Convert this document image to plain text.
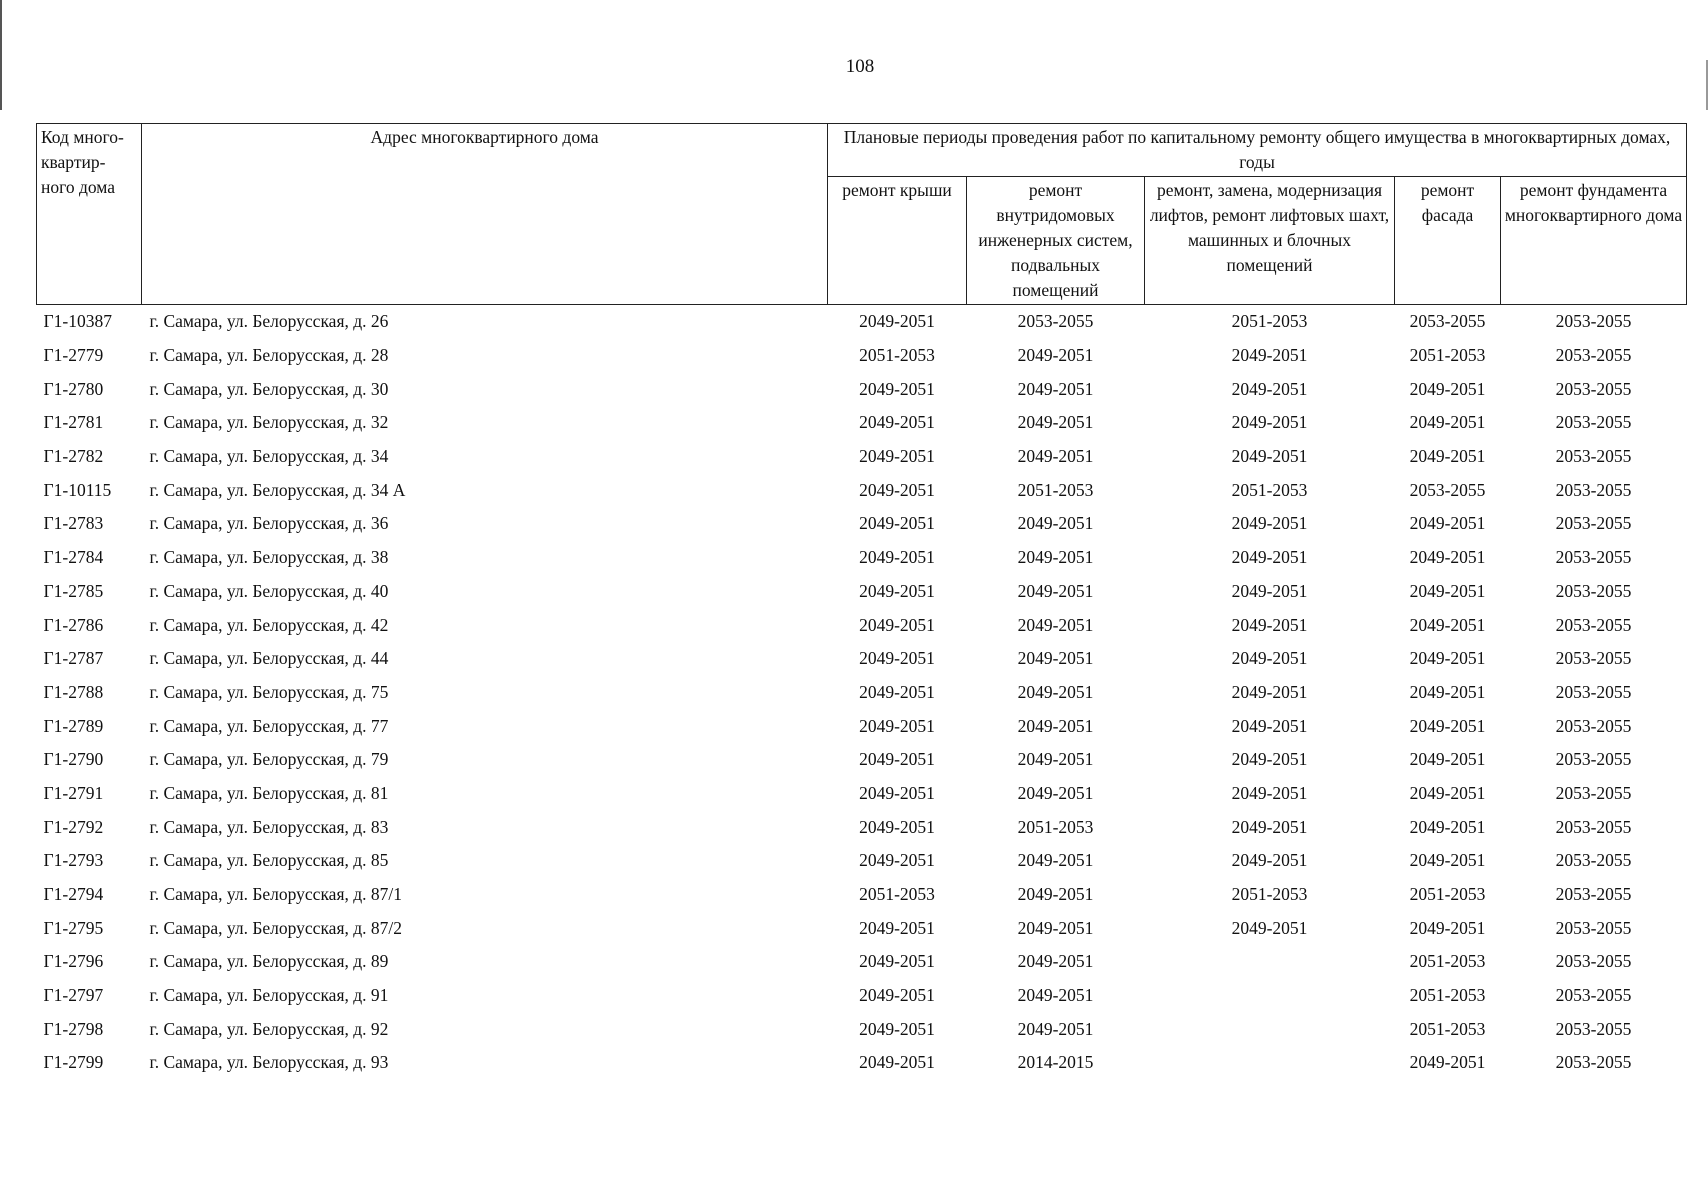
108
Код много-квартир-ного дома	Адрес многоквартирного дома	Плановые периоды проведения работ по капитальному ремонту общего имущества в многоквартирных домах, годы				
		ремонт крыши	ремонт внутридомовых инженерных систем, подвальных помещений	ремонт, замена, модернизация лифтов, ремонт лифтовых шахт, машинных и блочных помещений	ремонт фасада	ремонт фундамента многоквартирного дома
Г1-10387	г. Самара, ул. Белорусская, д. 26	2049-2051	2053-2055	2051-2053	2053-2055	2053-2055
Г1-2779	г. Самара, ул. Белорусская, д. 28	2051-2053	2049-2051	2049-2051	2051-2053	2053-2055
Г1-2780	г. Самара, ул. Белорусская, д. 30	2049-2051	2049-2051	2049-2051	2049-2051	2053-2055
Г1-2781	г. Самара, ул. Белорусская, д. 32	2049-2051	2049-2051	2049-2051	2049-2051	2053-2055
Г1-2782	г. Самара, ул. Белорусская, д. 34	2049-2051	2049-2051	2049-2051	2049-2051	2053-2055
Г1-10115	г. Самара, ул. Белорусская, д. 34 А	2049-2051	2051-2053	2051-2053	2053-2055	2053-2055
Г1-2783	г. Самара, ул. Белорусская, д. 36	2049-2051	2049-2051	2049-2051	2049-2051	2053-2055
Г1-2784	г. Самара, ул. Белорусская, д. 38	2049-2051	2049-2051	2049-2051	2049-2051	2053-2055
Г1-2785	г. Самара, ул. Белорусская, д. 40	2049-2051	2049-2051	2049-2051	2049-2051	2053-2055
Г1-2786	г. Самара, ул. Белорусская, д. 42	2049-2051	2049-2051	2049-2051	2049-2051	2053-2055
Г1-2787	г. Самара, ул. Белорусская, д. 44	2049-2051	2049-2051	2049-2051	2049-2051	2053-2055
Г1-2788	г. Самара, ул. Белорусская, д. 75	2049-2051	2049-2051	2049-2051	2049-2051	2053-2055
Г1-2789	г. Самара, ул. Белорусская, д. 77	2049-2051	2049-2051	2049-2051	2049-2051	2053-2055
Г1-2790	г. Самара, ул. Белорусская, д. 79	2049-2051	2049-2051	2049-2051	2049-2051	2053-2055
Г1-2791	г. Самара, ул. Белорусская, д. 81	2049-2051	2049-2051	2049-2051	2049-2051	2053-2055
Г1-2792	г. Самара, ул. Белорусская, д. 83	2049-2051	2051-2053	2049-2051	2049-2051	2053-2055
Г1-2793	г. Самара, ул. Белорусская, д. 85	2049-2051	2049-2051	2049-2051	2049-2051	2053-2055
Г1-2794	г. Самара, ул. Белорусская, д. 87/1	2051-2053	2049-2051	2051-2053	2051-2053	2053-2055
Г1-2795	г. Самара, ул. Белорусская, д. 87/2	2049-2051	2049-2051	2049-2051	2049-2051	2053-2055
Г1-2796	г. Самара, ул. Белорусская, д. 89	2049-2051	2049-2051		2051-2053	2053-2055
Г1-2797	г. Самара, ул. Белорусская, д. 91	2049-2051	2049-2051		2051-2053	2053-2055
Г1-2798	г. Самара, ул. Белорусская, д. 92	2049-2051	2049-2051		2051-2053	2053-2055
Г1-2799	г. Самара, ул. Белорусская, д. 93	2049-2051	2014-2015		2049-2051	2053-2055
